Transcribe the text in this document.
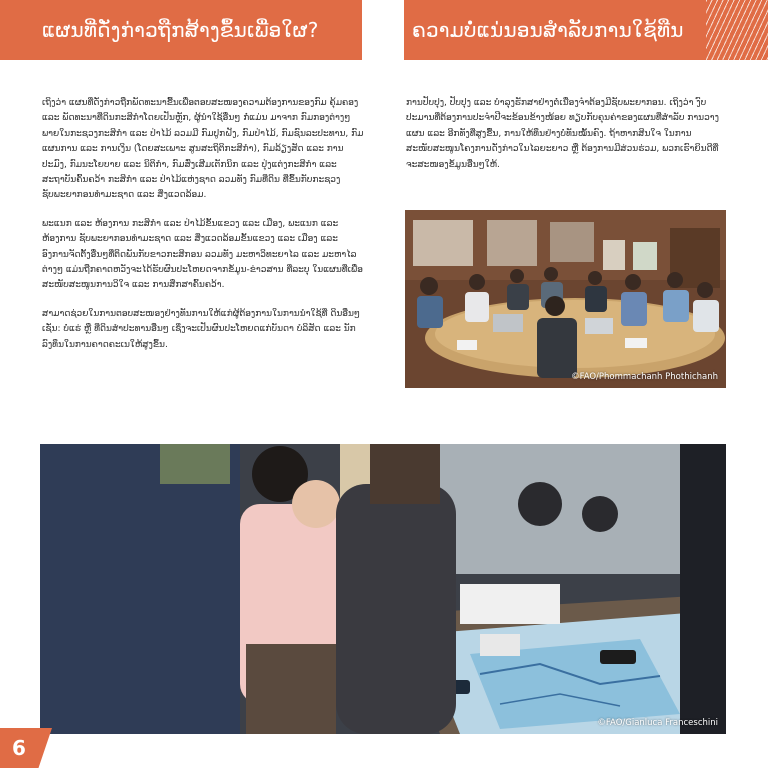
ແຜນທີ່ດັ່ງກ່າວຖືກສ້າງຂຶ້ນເພື່ອໃຜ?	ຄວາມບໍ່ແນ່ນອນສຳລັບການໃຊ້ທືນ

ເຖິງວ່າ ແຜນທີ່ດັ່ງກ່າວຖືກພັດທະນາຂື້ນເພື່ອຕອບສະໜອງຄວາມຕ້ອງການຂອງກົມ ຄຸ້ມຄອງ ແລະ ພັດທະນາທີ່ດິນກະສິກຳໂດຍເປັນຫຼັກ, ຜູ້ນຳໃຊ້ອື່ນໆ ກໍ່ແມ່ນ ມາຈາກ ກົມກອງຕ່າງໆ ພາຍໃນກະຊວງກະສິກຳ ແລະ ປ່າໄມ້ ລວມມີ ກົມປູກຝັງ, ກົມປ່າໄມ້, ກົມຊົນລະປະທານ, ກົມແຜນການ ແລະ ການເງິນ (ໂດຍສະເພາະ ສູນສະຖິຕິກະສິກຳ), ກົມລ້ຽງສັດ ແລະ ການປະມົງ, ກົມນະໂຍບາຍ ແລະ ນິຕິກຳ, ກົມສົ່ງເສີມເຕັກນິກ ແລະ ປຸ່ງແຕ່ງກະສິກຳ ແລະ ສະຖາບັນຄົ້ນຄວ້າ ກະສິກຳ ແລະ ປ່າໄມ້ແຫ່ງຊາດ ລວມທັງ ກົມທີ່ດິນ ທີ່ຂຶ້ນກັບກະຊວງ ຊັບພະຍາກອນທຳມະຊາດ ແລະ ສິ່ງແວດລ້ອມ.

ພະແນກ ແລະ ຫ້ອງການ ກະສິກຳ ແລະ ປ່າໄມ້ຂັ້ນແຂວງ ແລະ ເມືອງ, ພະແນກ ແລະ ຫ້ອງການ ຊັບພະຍາກອນທຳມະຊາດ ແລະ ສິ່ງແວດລ້ອມຂັ້ນແຂວງ ແລະ ເມືອງ ແລະ ອົງການຈັດຕັ້ງອື່ນໆທີ່ຕິດພັນກັບຂາວກະສິກອນ ລວມທັງ ມະຫາວິທະຍາໄລ ແລະ ມະຫາໄລຕ່າງໆ ແມ່ນຖືກຄາດຫວັງຈະໄດ້ຮັບຜົນປະໂຫຍດຈາກຂໍ້ມູນ-ຂ່າວສານ ທີ່ລະບຸ ໃນແຜນທີ່ເພື່ອສະໜັບສະໜູນການວິໃຈ ແລະ ການສຶກສາຄົ້ນຄວ້າ.

ສາມາດຊ່ວຍໃນການຕອບສະໜອງຢ່າງທັນການໃຫ້ແກ່ຜູ້ຕ້ອງການໃນການນຳໃຊ້ທີ່ ດິນອື່ນໆ ເຊັ່ນ: ບໍ່ແຮ່ ຫຼື ທີ່ດິນສຳປະທານອື່ນໆ ເຊິ່ງຈະເປັນຜົນປະໂຫຍດແກ່ບັນດາ ບໍລິສັດ ແລະ ນັກລົງທຶນໃນການຄາດຄະເນໃຫ້ສູງຂຶ້ນ.

ການປັບປຸງ, ປັບປຸງ ແລະ ບຳລຸງຮັກສາຢ່າງຕໍ່ເນື່ອງຈຳຕ້ອງມີຊັບພະຍາກອນ. ເຖິງວ່າ ງົບປະມານທີ່ຕ້ອງການປະຈຳປີຈະຂ້ອນຂ້າງໜ້ອຍ ທຽບກັບຄຸນຄ່າຂອງແຜນທີ່ສຳລັບ ການວາງແຜນ ແລະ ອີກທັງທີ່ສູງຂື້ນ, ການໃຫ້ທຶນຢ່າງບໍ່ທັນໝັ້ນຄົງ. ຖ້າຫາກສິນໃຈ ໃນການສະໜັບສະໜູນໂຄງການດັ່ງກ່າວໃນໄລຍະຍາວ ຫຼື ຕ້ອງການມີສ່ວນຮ່ວມ, ພວກເຮົາຍິນດີທີ່ຈະສະໜອງຂໍ້ມູນອື່ນໆໃຫ້.

©FAO/Phommachanh Phothichanh
©FAO/Gianluca Franceschini
6
